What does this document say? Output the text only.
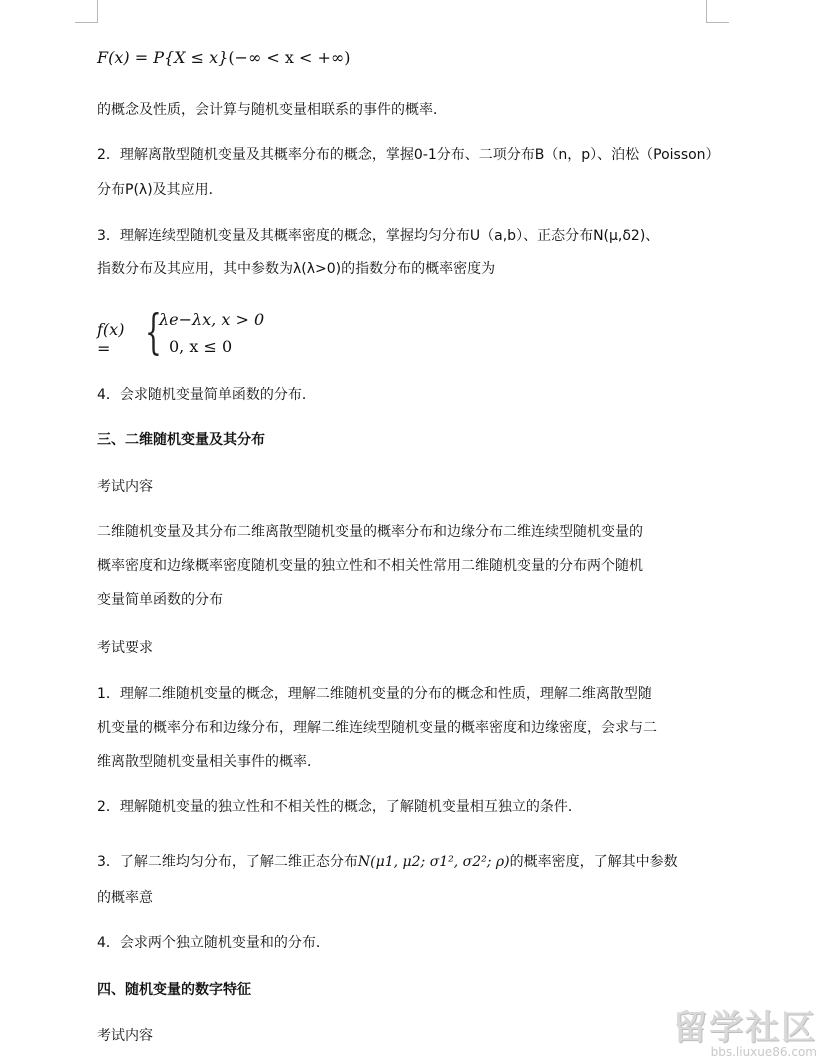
F(x) = P{X ≤ x}(−∞ < x < +∞)
的概念及性质，会计算与随机变量相联系的事件的概率．
2．理解离散型随机变量及其概率分布的概念，掌握0-1分布、二项分布B（n，p）、泊松（Poisson）
分布P(λ)及其应用．
3．理解连续型随机变量及其概率密度的概念，掌握均匀分布U（a,b）、正态分布N(μ,δ2)、
指数分布及其应用，其中参数为λ(λ>0)的指数分布的概率密度为
f(x) = {
λe−λx, x > 0
0, x ≤ 0
4．会求随机变量简单函数的分布．
三、二维随机变量及其分布
考试内容
二维随机变量及其分布二维离散型随机变量的概率分布和边缘分布二维连续型随机变量的
概率密度和边缘概率密度随机变量的独立性和不相关性常用二维随机变量的分布两个随机
变量简单函数的分布
考试要求
1．理解二维随机变量的概念，理解二维随机变量的分布的概念和性质，理解二维离散型随
机变量的概率分布和边缘分布，理解二维连续型随机变量的概率密度和边缘密度，会求与二
维离散型随机变量相关事件的概率．
2．理解随机变量的独立性和不相关性的概念，了解随机变量相互独立的条件．
3．了解二维均匀分布，了解二维正态分布N(μ1, μ2; σ1², σ2²; ρ)的概率密度，了解其中参数
的概率意
4．会求两个独立随机变量和的分布．
四、随机变量的数字特征
考试内容	留学社区
bbs.liuxue86.com
